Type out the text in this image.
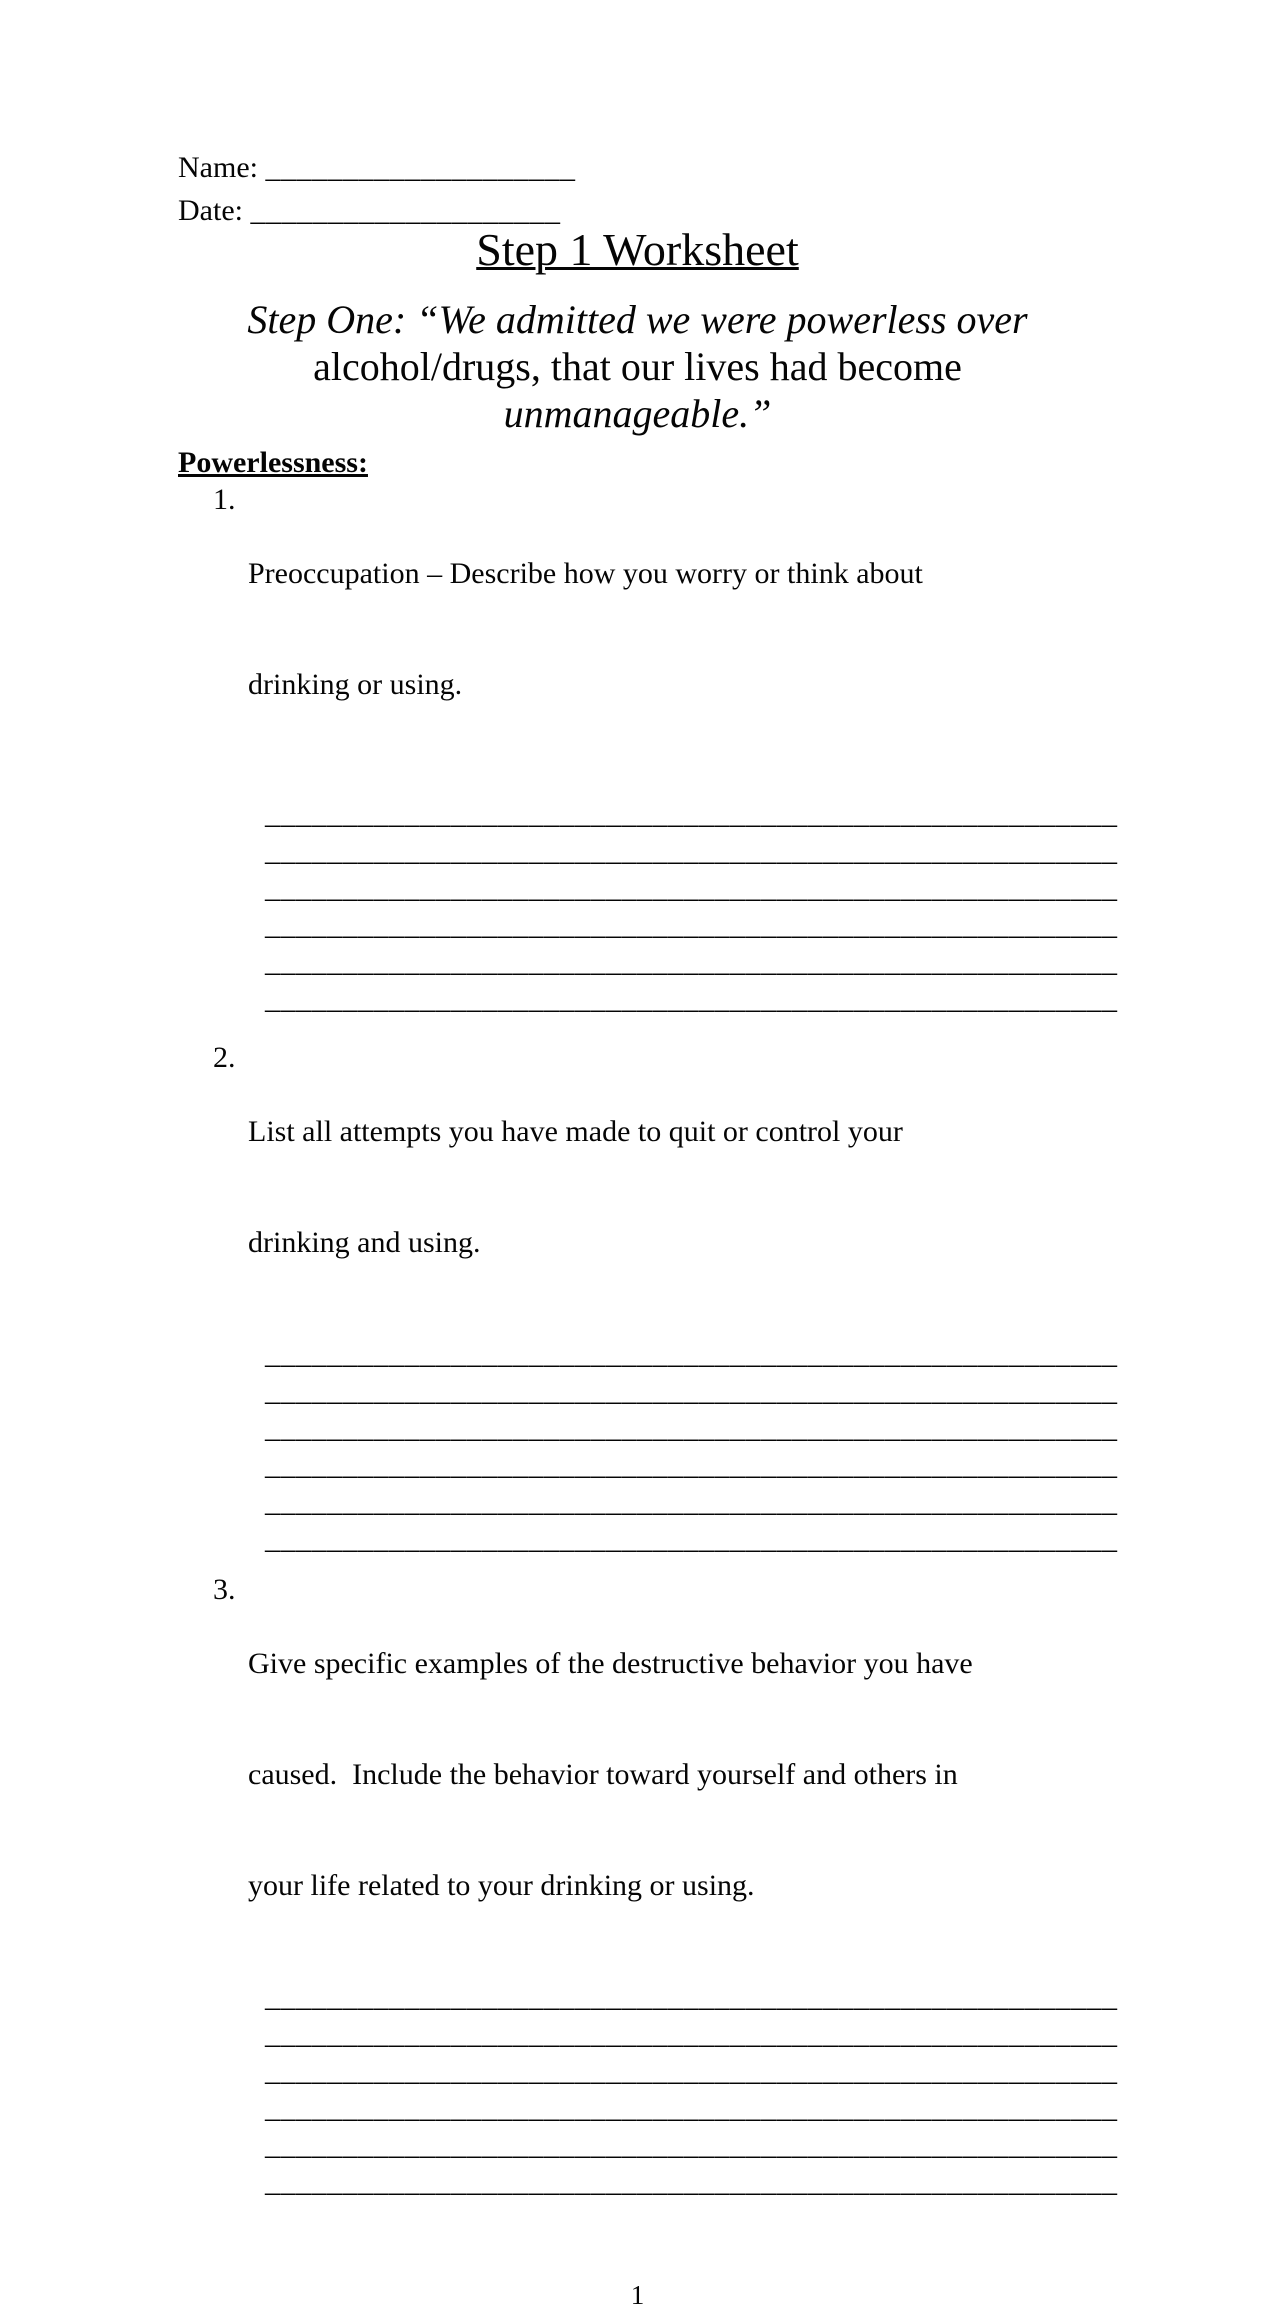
Name: ____________________
Date: ____________________
Step 1 Worksheet
Step One: “We admitted we were powerless over
alcohol/drugs, that our lives had become
unmanageable.”
Powerlessness:
1.

Preoccupation – Describe how you worry or think about

drinking or using.

_______________________________________________________
_______________________________________________________
_______________________________________________________
_______________________________________________________
_______________________________________________________
_______________________________________________________
2.

List all attempts you have made to quit or control your

drinking and using.

_______________________________________________________
_______________________________________________________
_______________________________________________________
_______________________________________________________
_______________________________________________________
_______________________________________________________
3.

Give specific examples of the destructive behavior you have

caused.  Include the behavior toward yourself and others in

your life related to your drinking or using.

_______________________________________________________
_______________________________________________________
_______________________________________________________
_______________________________________________________
_______________________________________________________
_______________________________________________________
1
